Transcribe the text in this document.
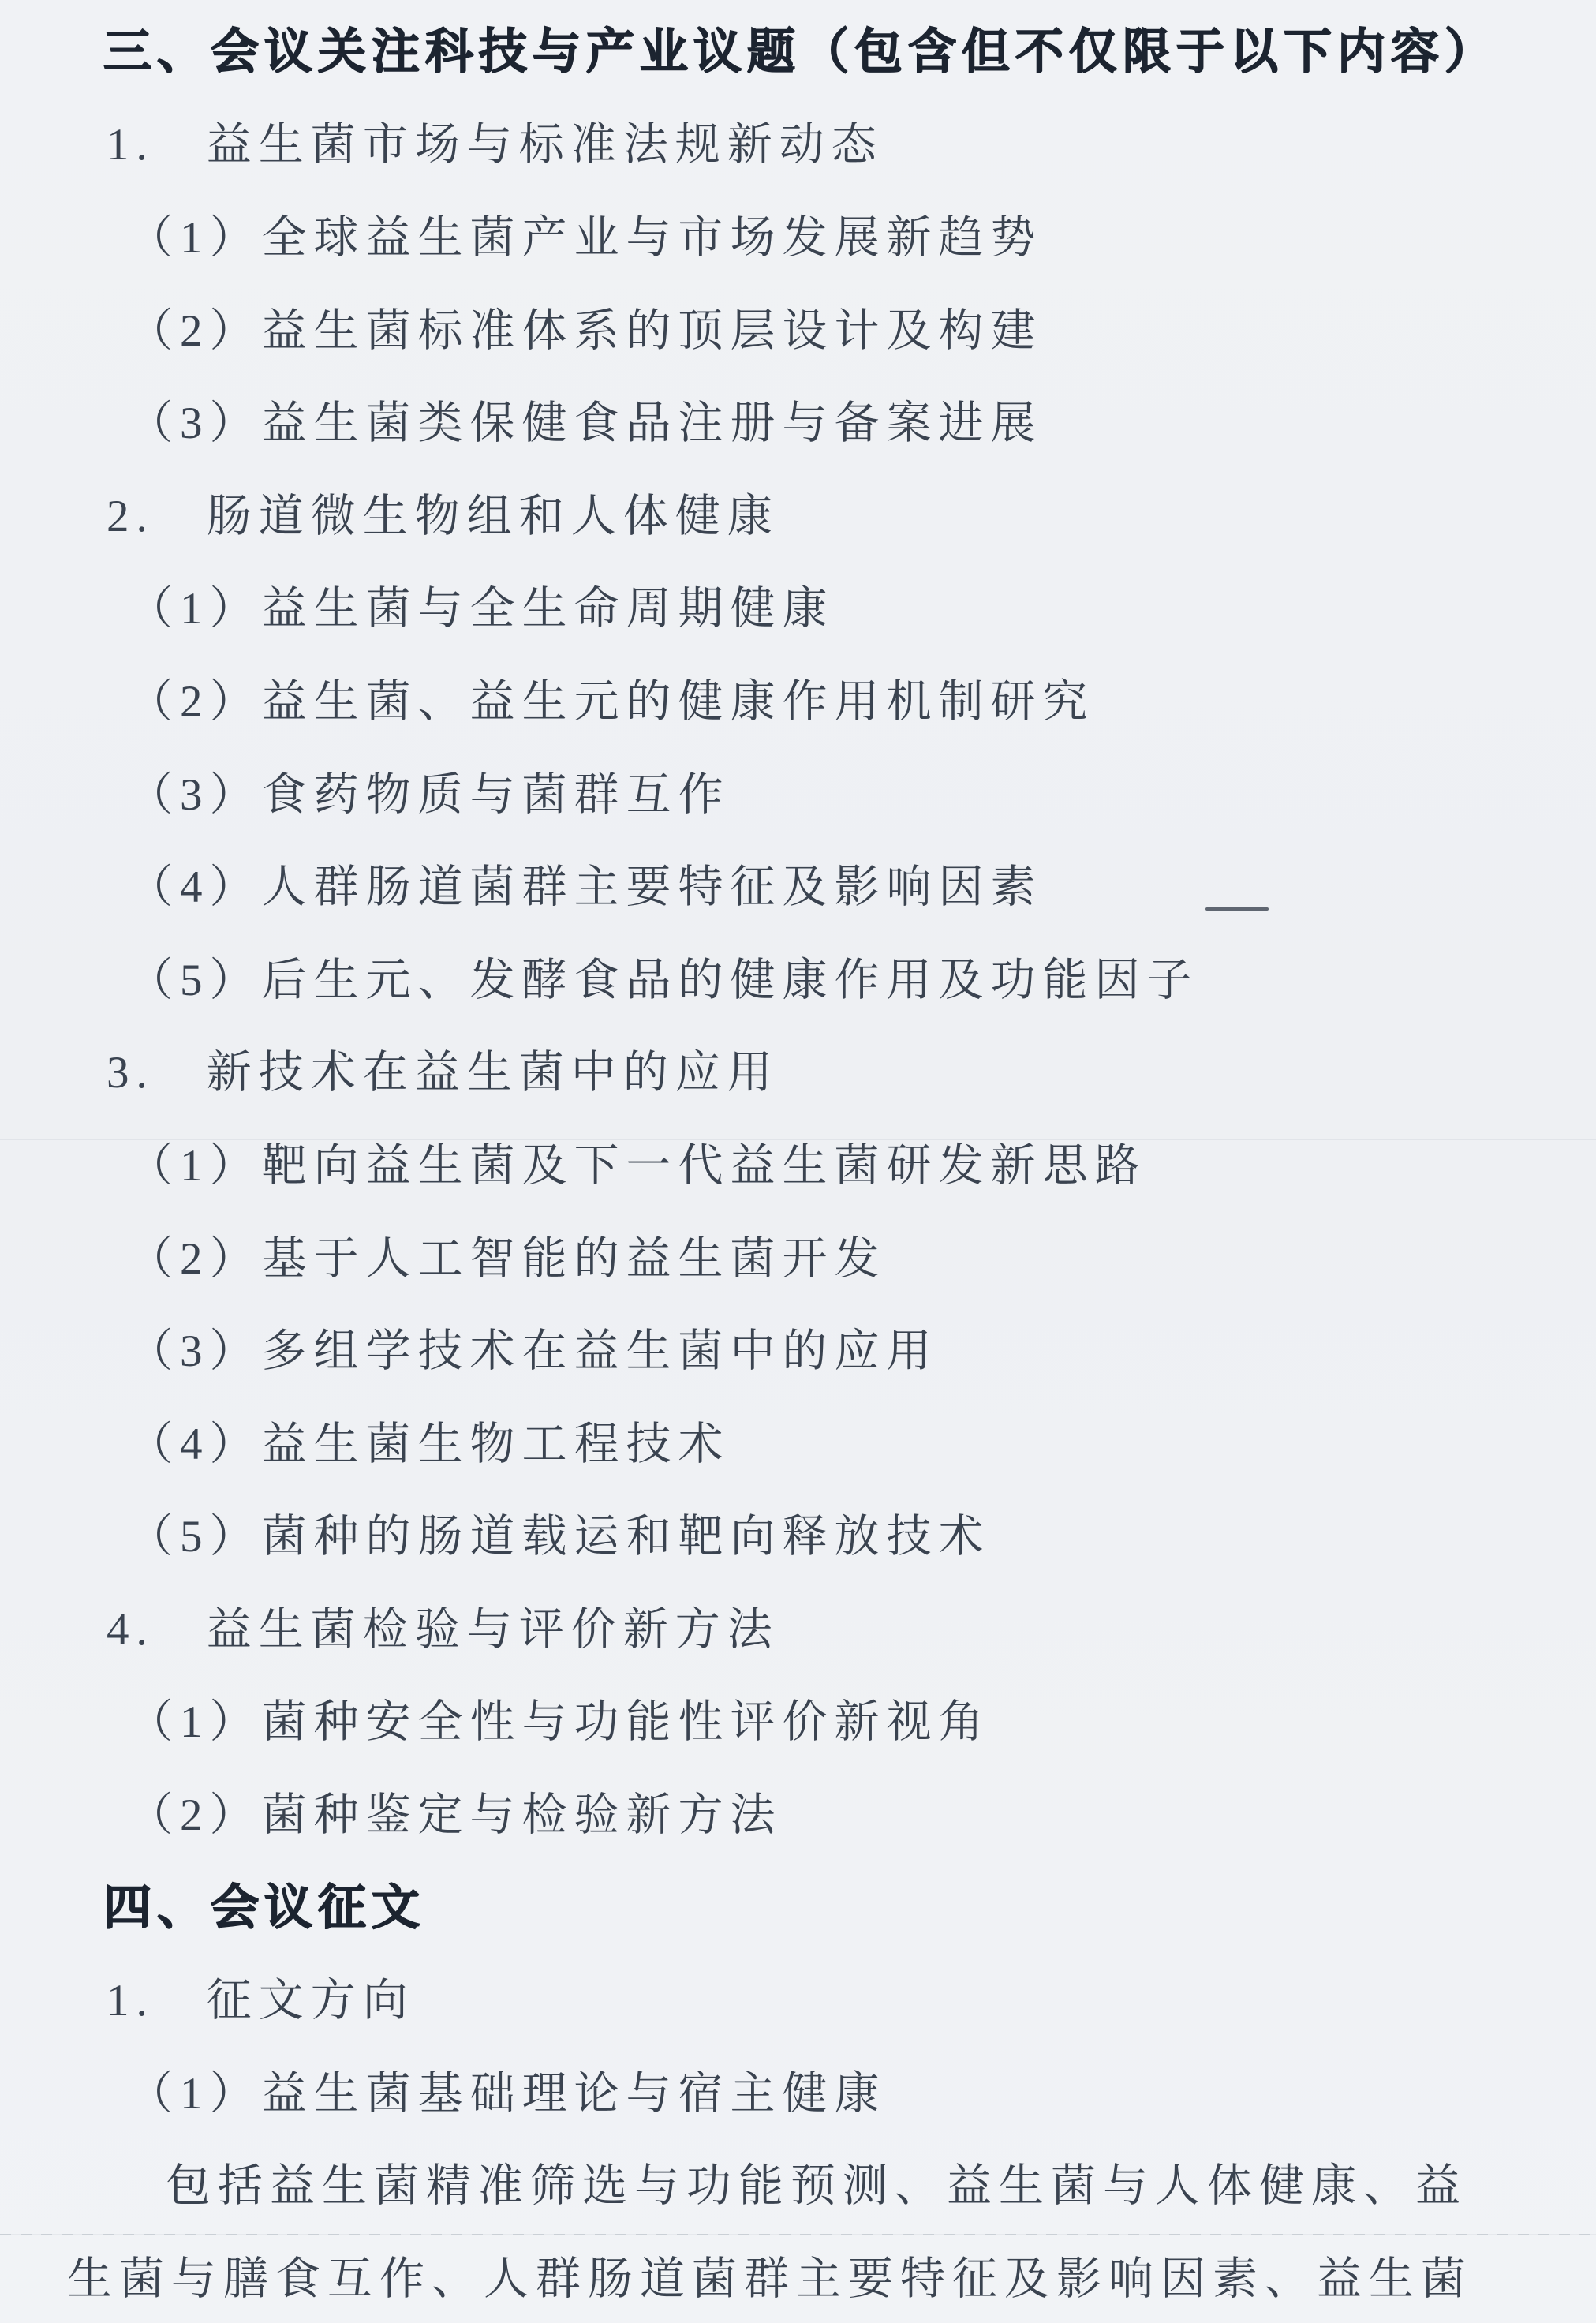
三、会议关注科技与产业议题（包含但不仅限于以下内容）
1.　益生菌市场与标准法规新动态
（1）全球益生菌产业与市场发展新趋势
（2）益生菌标准体系的顶层设计及构建
（3）益生菌类保健食品注册与备案进展
2.　肠道微生物组和人体健康
（1）益生菌与全生命周期健康
（2）益生菌、益生元的健康作用机制研究
（3）食药物质与菌群互作
（4）人群肠道菌群主要特征及影响因素
（5）后生元、发酵食品的健康作用及功能因子
3.　新技术在益生菌中的应用
（1）靶向益生菌及下一代益生菌研发新思路
（2）基于人工智能的益生菌开发
（3）多组学技术在益生菌中的应用
（4）益生菌生物工程技术
（5）菌种的肠道载运和靶向释放技术
4.　益生菌检验与评价新方法
（1）菌种安全性与功能性评价新视角
（2）菌种鉴定与检验新方法
四、会议征文
1.　征文方向
（1）益生菌基础理论与宿主健康
包括益生菌精准筛选与功能预测、益生菌与人体健康、益
生菌与膳食互作、人群肠道菌群主要特征及影响因素、益生菌
